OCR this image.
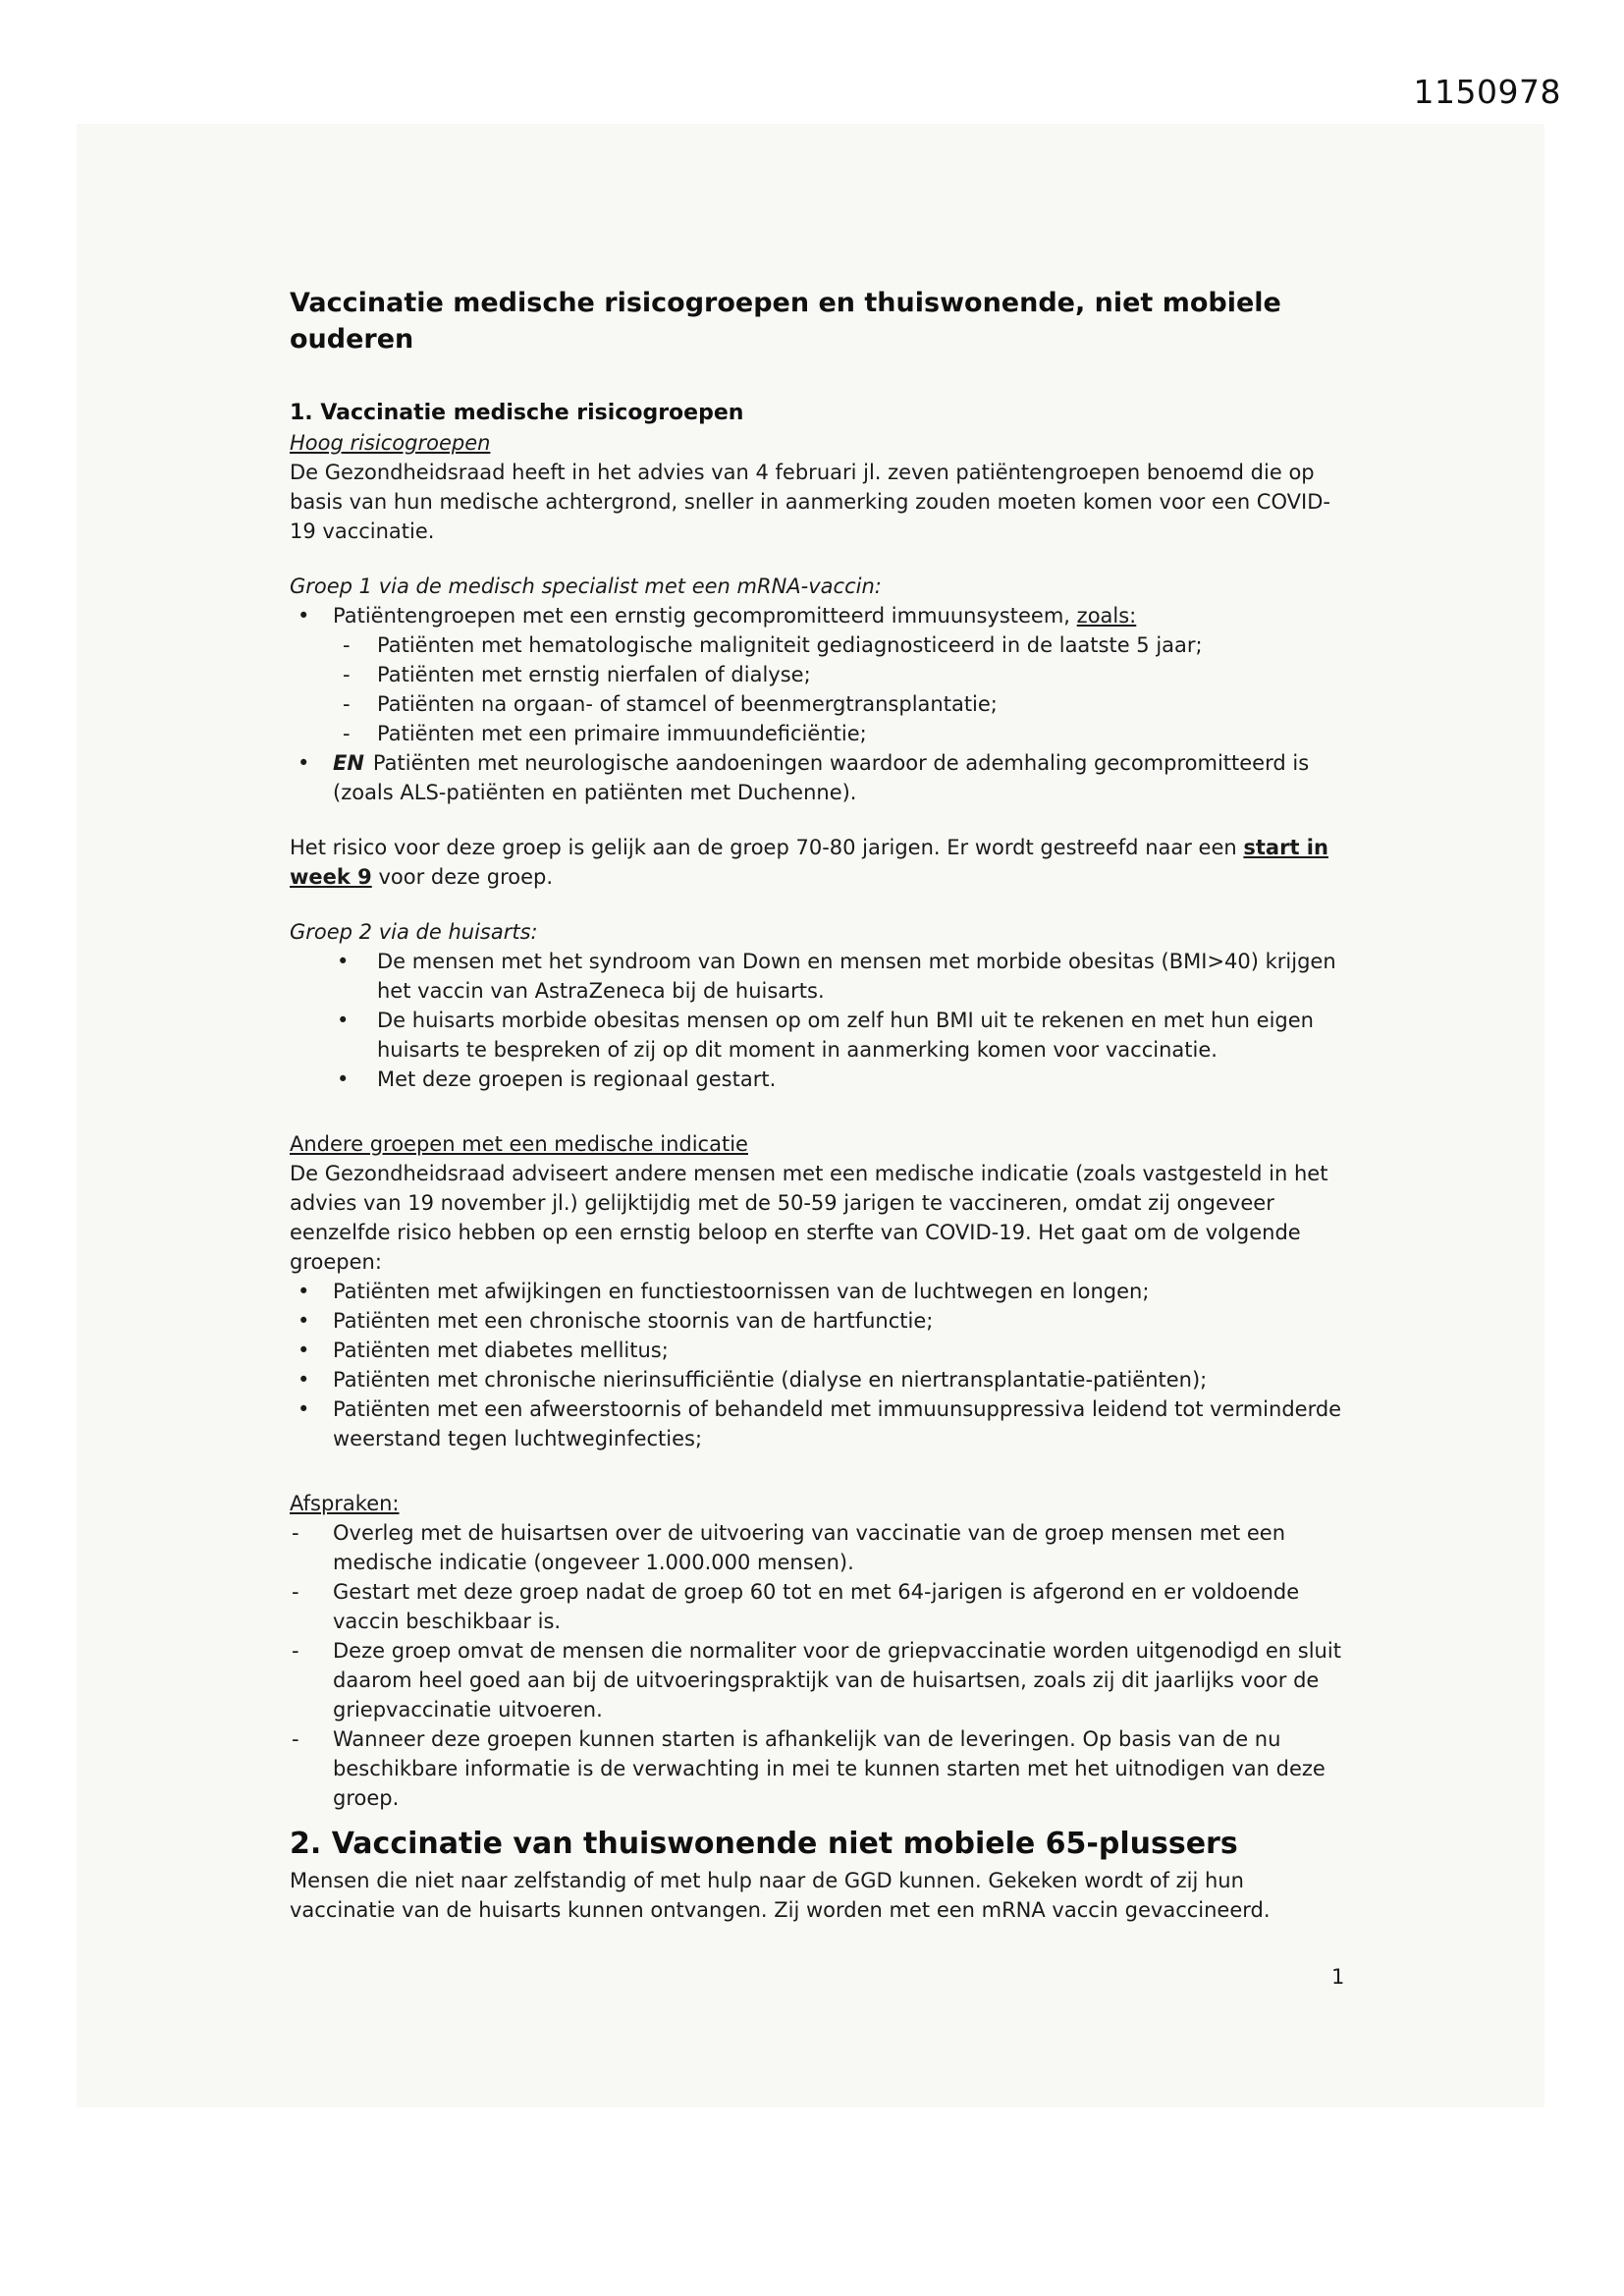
1150978
Vaccinatie medische risicogroepen en thuiswonende, niet mobiele ouderen
1. Vaccinatie medische risicogroepen

Hoog risicogroepen

De Gezondheidsraad heeft in het advies van 4 februari jl. zeven patiëntengroepen benoemd die op basis van hun medische achtergrond, sneller in aanmerking zouden moeten komen voor een COVID-19 vaccinatie.

Groep 1 via de medisch specialist met een mRNA-vaccin:

•
Patiëntengroepen met een ernstig gecompromitteerd immuunsysteem, zoals:
-
Patiënten met hematologische maligniteit gediagnosticeerd in de laatste 5 jaar;
-
Patiënten met ernstig nierfalen of dialyse;
-
Patiënten na orgaan- of stamcel of beenmergtransplantatie;
-
Patiënten met een primaire immuundeficiëntie;
•
EN Patiënten met neurologische aandoeningen waardoor de ademhaling gecompromitteerd is (zoals ALS-patiënten en patiënten met Duchenne).

Het risico voor deze groep is gelijk aan de groep 70-80 jarigen. Er wordt gestreefd naar een start in week 9 voor deze groep.

Groep 2 via de huisarts:

•
De mensen met het syndroom van Down en mensen met morbide obesitas (BMI>40) krijgen het vaccin van AstraZeneca bij de huisarts.
•
De huisarts morbide obesitas mensen op om zelf hun BMI uit te rekenen en met hun eigen huisarts te bespreken of zij op dit moment in aanmerking komen voor vaccinatie.
•
Met deze groepen is regionaal gestart.

Andere groepen met een medische indicatie

De Gezondheidsraad adviseert andere mensen met een medische indicatie (zoals vastgesteld in het advies van 19 november jl.) gelijktijdig met de 50-59 jarigen te vaccineren, omdat zij ongeveer eenzelfde risico hebben op een ernstig beloop en sterfte van COVID-19. Het gaat om de volgende groepen:

•
Patiënten met afwijkingen en functiestoornissen van de luchtwegen en longen;
•
Patiënten met een chronische stoornis van de hartfunctie;
•
Patiënten met diabetes mellitus;
•
Patiënten met chronische nierinsufficiëntie (dialyse en niertransplantatie-patiënten);
•
Patiënten met een afweerstoornis of behandeld met immuunsuppressiva leidend tot verminderde weerstand tegen luchtweginfecties;

Afspraken:

-
Overleg met de huisartsen over de uitvoering van vaccinatie van de groep mensen met een medische indicatie (ongeveer 1.000.000 mensen).
-
Gestart met deze groep nadat de groep 60 tot en met 64-jarigen is afgerond en er voldoende vaccin beschikbaar is.
-
Deze groep omvat de mensen die normaliter voor de griepvaccinatie worden uitgenodigd en sluit daarom heel goed aan bij de uitvoeringspraktijk van de huisartsen, zoals zij dit jaarlijks voor de griepvaccinatie uitvoeren.
-
Wanneer deze groepen kunnen starten is afhankelijk van de leveringen. Op basis van de nu beschikbare informatie is de verwachting in mei te kunnen starten met het uitnodigen van deze groep.
2. Vaccinatie van thuiswonende niet mobiele 65-plussers

Mensen die niet naar zelfstandig of met hulp naar de GGD kunnen. Gekeken wordt of zij hun vaccinatie van de huisarts kunnen ontvangen. Zij worden met een mRNA vaccin gevaccineerd.

1
